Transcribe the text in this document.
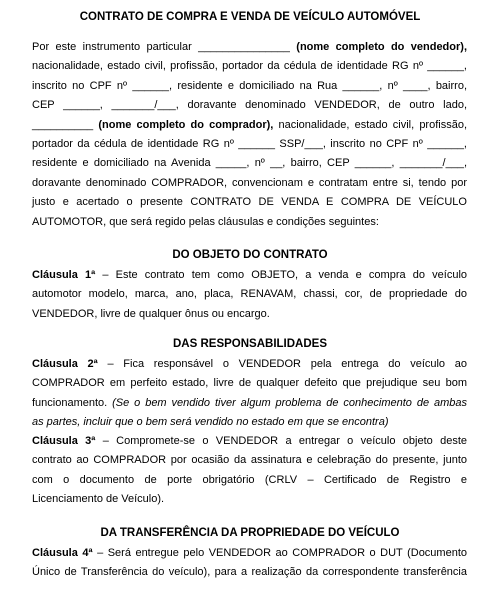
CONTRATO DE COMPRA E VENDA DE VEÍCULO AUTOMÓVEL
Por este instrumento particular _______________ (nome completo do vendedor),
nacionalidade, estado civil, profissão, portador da cédula de identidade RG nº ______,
inscrito no CPF nº ______, residente e domiciliado na Rua ______, nº ____, bairro,
CEP ______, _______/___, doravante denominado VENDEDOR, de outro lado,
__________ (nome completo do comprador), nacionalidade, estado civil, profissão,
portador da cédula de identidade RG nº ______ SSP/___, inscrito no CPF nº ______,
residente e domiciliado na Avenida _____, nº __, bairro, CEP ______, _______/___,
doravante denominado COMPRADOR, convencionam e contratam entre si, tendo por
justo e acertado o presente CONTRATO DE VENDA E COMPRA DE VEÍCULO
AUTOMOTOR, que será regido pelas cláusulas e condições seguintes:
DO OBJETO DO CONTRATO
Cláusula 1ª – Este contrato tem como OBJETO, a venda e compra do veículo
automotor modelo, marca, ano, placa, RENAVAM, chassi, cor, de propriedade do
VENDEDOR, livre de qualquer ônus ou encargo.
DAS RESPONSABILIDADES
Cláusula 2ª – Fica responsável o VENDEDOR pela entrega do veículo ao
COMPRADOR em perfeito estado, livre de qualquer defeito que prejudique seu bom
funcionamento. (Se o bem vendido tiver algum problema de conhecimento de ambas
as partes, incluir que o bem será vendido no estado em que se encontra)
Cláusula 3ª – Compromete-se o VENDEDOR a entregar o veículo objeto deste
contrato ao COMPRADOR por ocasião da assinatura e celebração do presente, junto
com o documento de porte obrigatório (CRLV – Certificado de Registro e
Licenciamento de Veículo).
DA TRANSFERÊNCIA DA PROPRIEDADE DO VEÍCULO
Cláusula 4ª – Será entregue pelo VENDEDOR ao COMPRADOR o DUT (Documento
Único de Transferência do veículo), para a realização da correspondente transferência
